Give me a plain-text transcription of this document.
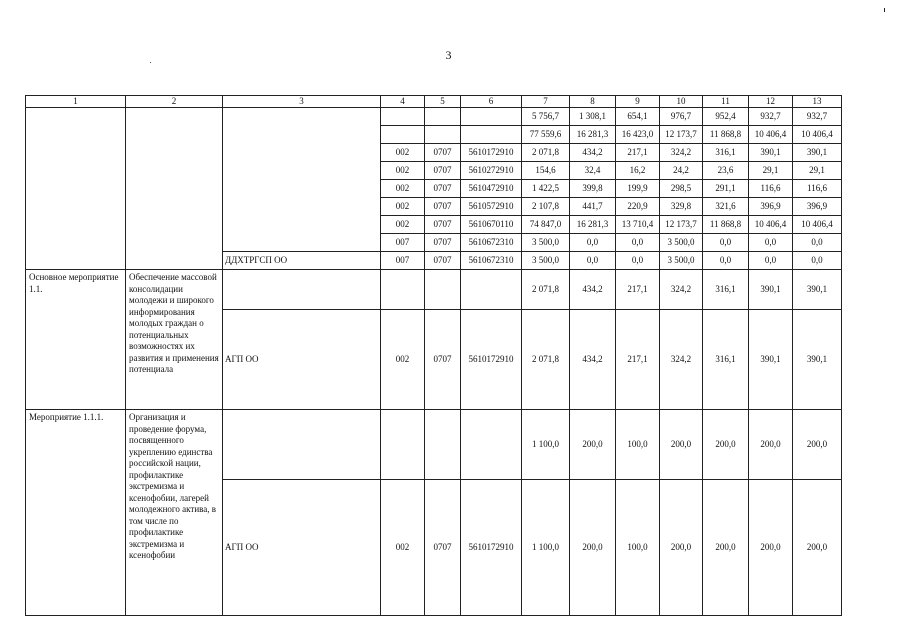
3
1	2	3	4	5	6	7	8	9	10	11	12	13
						5 756,7	1 308,1	654,1	976,7	952,4	932,7	932,7
						77 559,6	16 281,3	16 423,0	12 173,7	11 868,8	10 406,4	10 406,4
			002	0707	5610172910	2 071,8	434,2	217,1	324,2	316,1	390,1	390,1
			002	0707	5610272910	154,6	32,4	16,2	24,2	23,6	29,1	29,1
			002	0707	5610472910	1 422,5	399,8	199,9	298,5	291,1	116,6	116,6
			002	0707	5610572910	2 107,8	441,7	220,9	329,8	321,6	396,9	396,9
			002	0707	5610670110	74 847,0	16 281,3	13 710,4	12 173,7	11 868,8	10 406,4	10 406,4
			007	0707	5610672310	3 500,0	0,0	0,0	3 500,0	0,0	0,0	0,0
		ДДХТРГСП ОО	007	0707	5610672310	3 500,0	0,0	0,0	3 500,0	0,0	0,0	0,0
Основное мероприятие 1.1.	Обеспечение массовой консолидации молодежи и широкого информирования молодых граждан о потенциальных возможностях их развития и применения потенциала					2 071,8	434,2	217,1	324,2	316,1	390,1	390,1
		АГП ОО	002	0707	5610172910	2 071,8	434,2	217,1	324,2	316,1	390,1	390,1
Мероприятие 1.1.1.	Организация и проведение форума, посвященного укреплению единства российской нации, профилактике экстремизма и ксенофобии, лагерей молодежного актива, в том числе по профилактике экстремизма и ксенофобии					1 100,0	200,0	100,0	200,0	200,0	200,0	200,0
		АГП ОО	002	0707	5610172910	1 100,0	200,0	100,0	200,0	200,0	200,0	200,0
